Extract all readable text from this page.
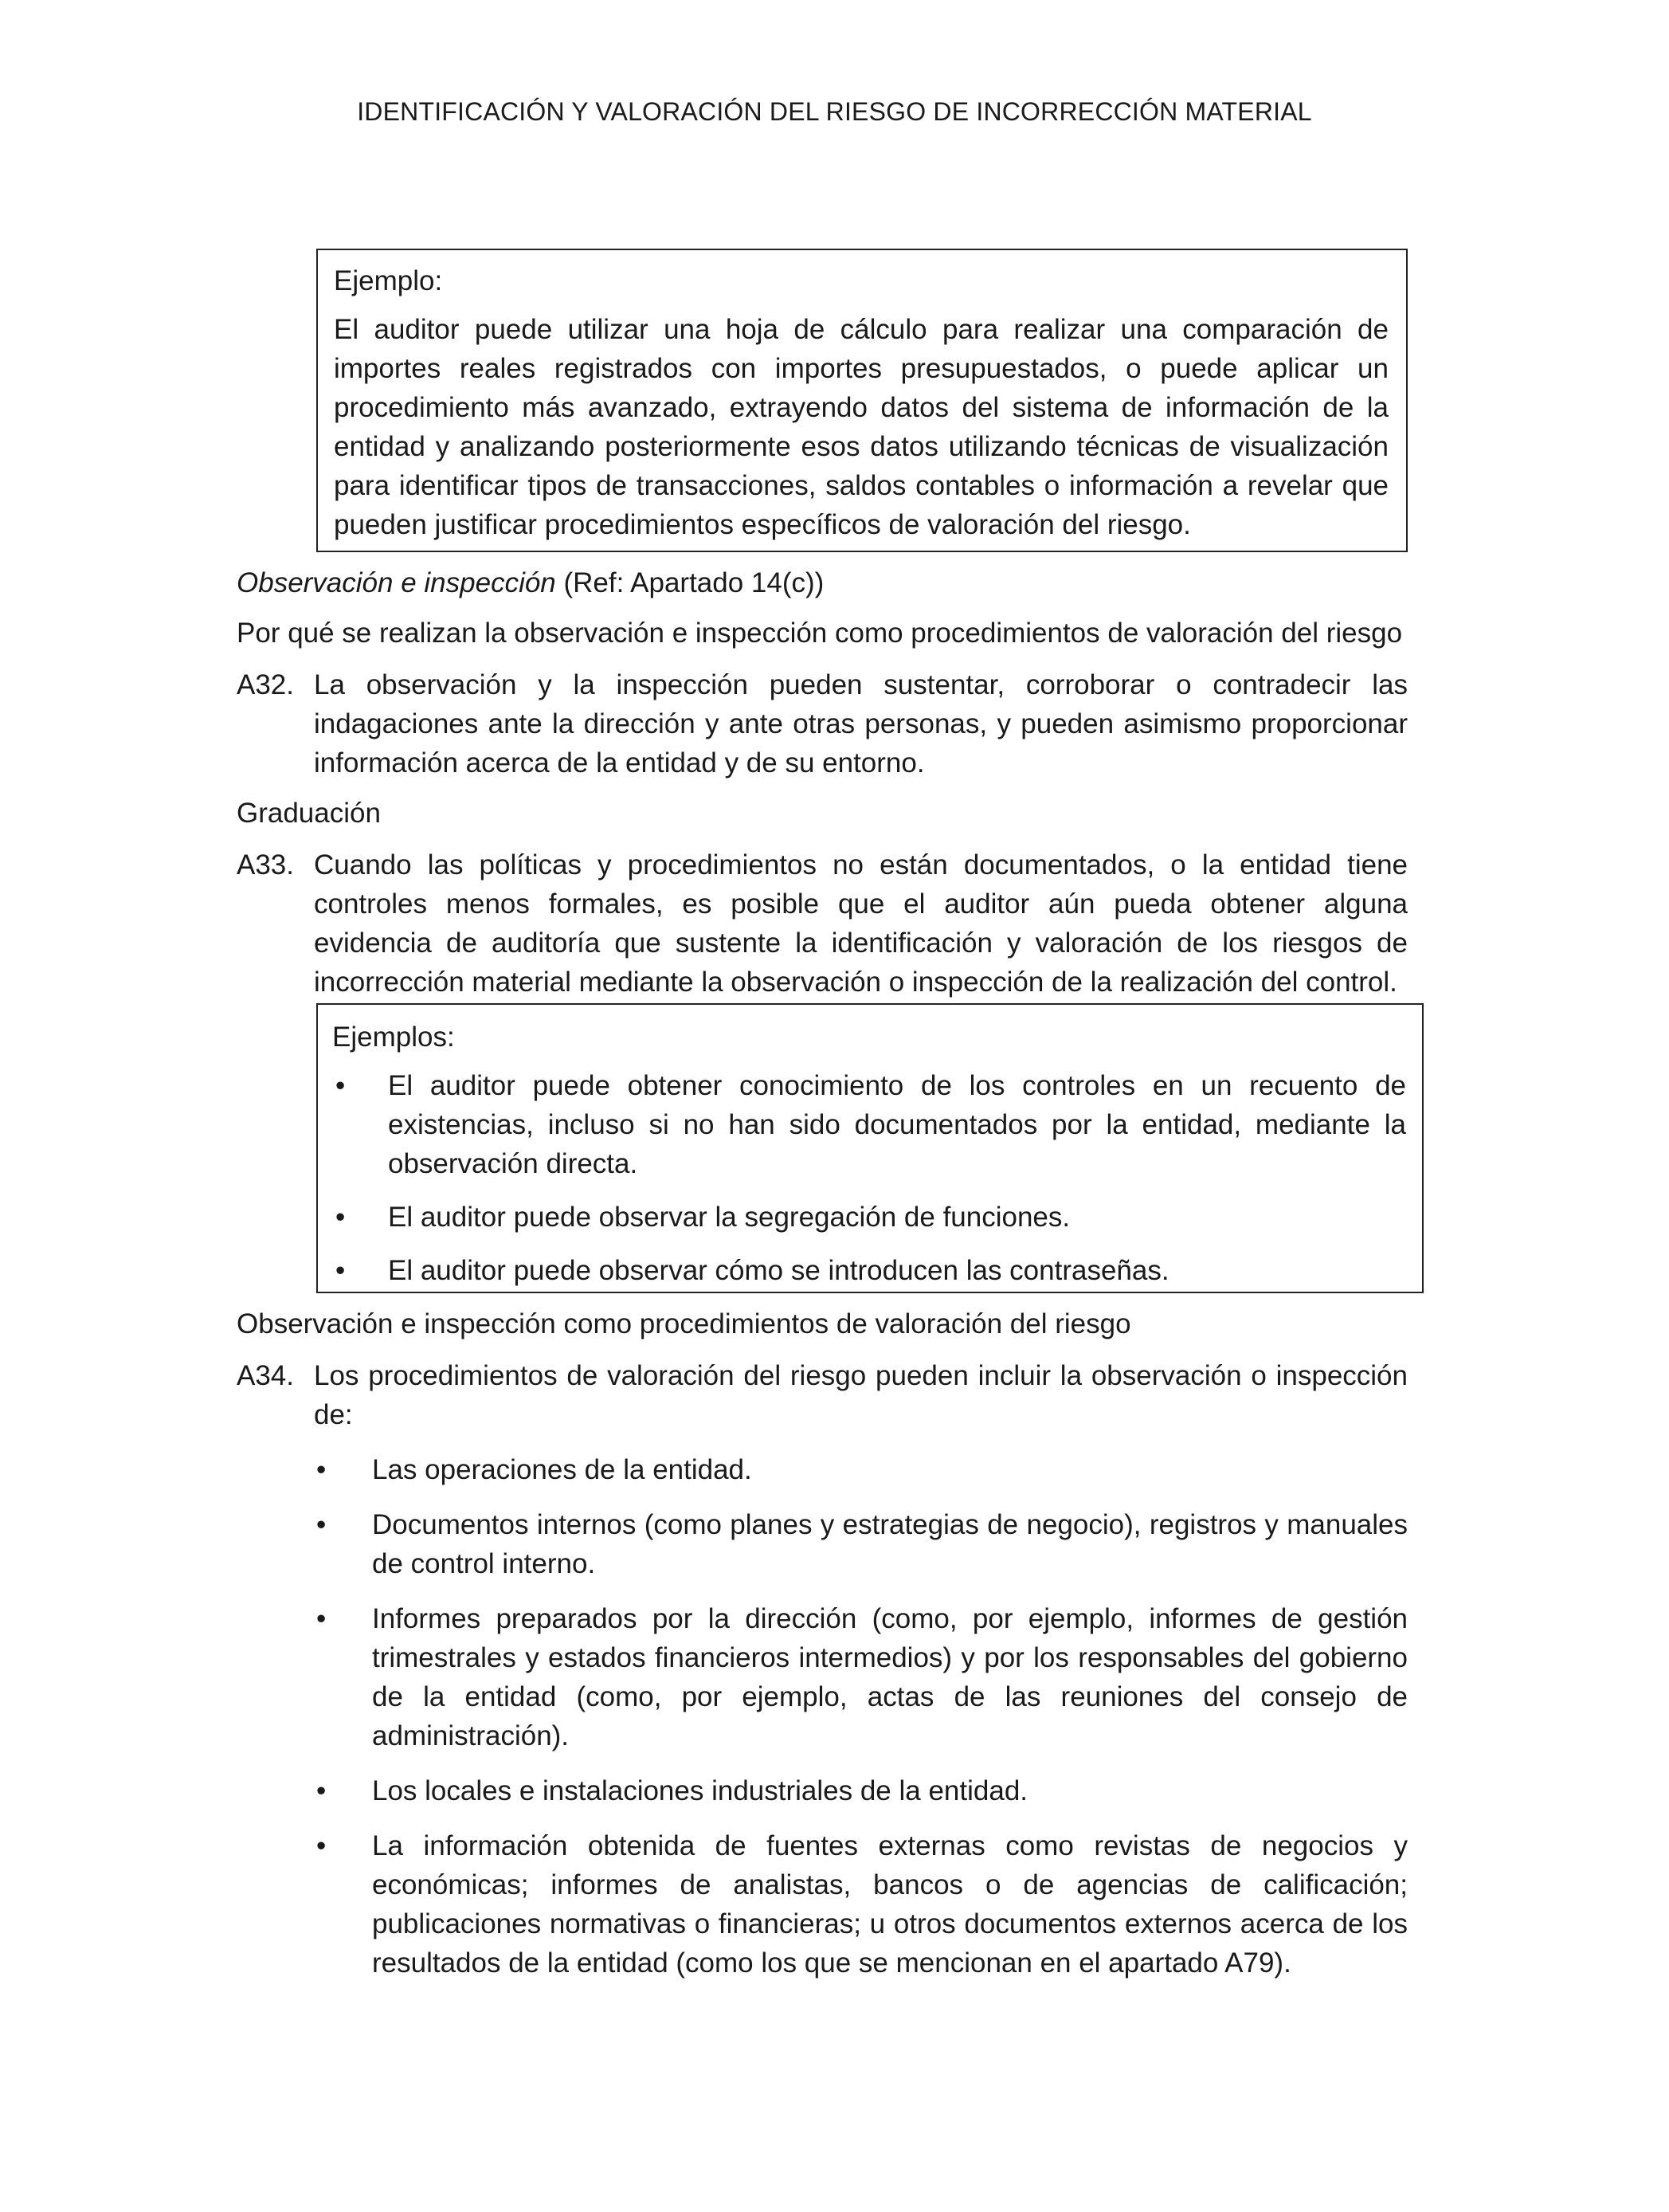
IDENTIFICACIÓN Y VALORACIÓN DEL RIESGO DE INCORRECCIÓN MATERIAL

Ejemplo:

El auditor puede utilizar una hoja de cálculo para realizar una comparación de importes reales registrados con importes presupuestados, o puede aplicar un procedimiento más avanzado, extrayendo datos del sistema de información de la entidad y analizando posteriormente esos datos utilizando técnicas de visualización para identificar tipos de transacciones, saldos contables o información a revelar que pueden justificar procedimientos específicos de valoración del riesgo.

Observación e inspección (Ref: Apartado 14(c))

Por qué se realizan la observación e inspección como procedimientos de valoración del riesgo

A32. La observación y la inspección pueden sustentar, corroborar o contradecir las indagaciones ante la dirección y ante otras personas, y pueden asimismo proporcionar información acerca de la entidad y de su entorno.

Graduación

A33. Cuando las políticas y procedimientos no están documentados, o la entidad tiene controles menos formales, es posible que el auditor aún pueda obtener alguna evidencia de auditoría que sustente la identificación y valoración de los riesgos de incorrección material mediante la observación o inspección de la realización del control.

Ejemplos:

•	El auditor puede obtener conocimiento de los controles en un recuento de existencias, incluso si no han sido documentados por la entidad, mediante la observación directa.
•	El auditor puede observar la segregación de funciones.
•	El auditor puede observar cómo se introducen las contraseñas.

Observación e inspección como procedimientos de valoración del riesgo

A34. Los procedimientos de valoración del riesgo pueden incluir la observación o inspección de:
•	Las operaciones de la entidad.
•	Documentos internos (como planes y estrategias de negocio), registros y manuales de control interno.
•	Informes preparados por la dirección (como, por ejemplo, informes de gestión trimestrales y estados financieros intermedios) y por los responsables del gobierno de la entidad (como, por ejemplo, actas de las reuniones del consejo de administración).
•	Los locales e instalaciones industriales de la entidad.
•	La información obtenida de fuentes externas como revistas de negocios y económicas; informes de analistas, bancos o de agencias de calificación; publicaciones normativas o financieras; u otros documentos externos acerca de los resultados de la entidad (como los que se mencionan en el apartado A79).
